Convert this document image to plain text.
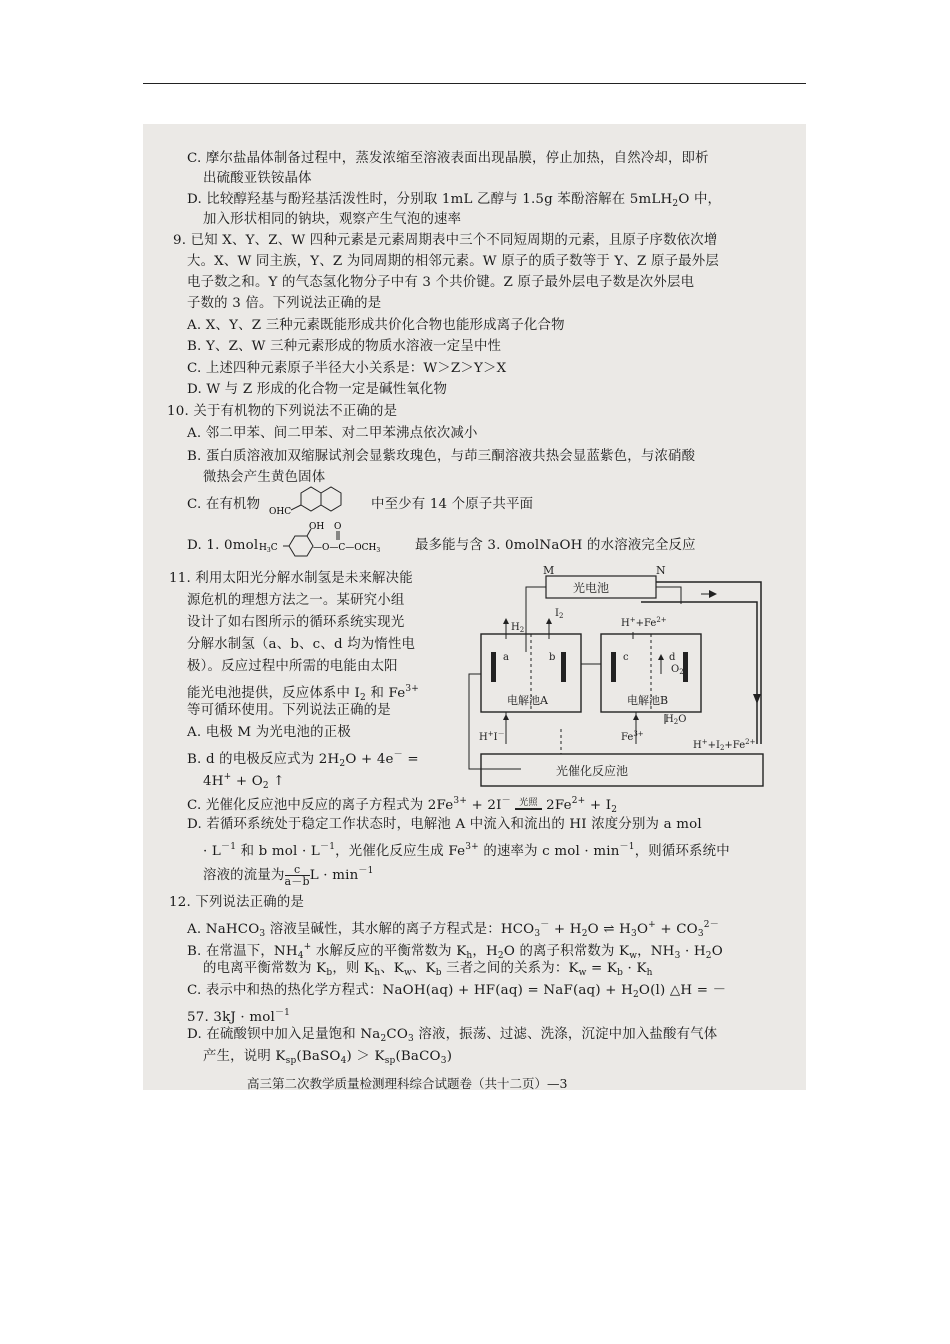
C. 摩尔盐晶体制备过程中，蒸发浓缩至溶液表面出现晶膜，停止加热，自然冷却，即析
出硫酸亚铁铵晶体
D. 比较醇羟基与酚羟基活泼性时，分别取 1mL 乙醇与 1.5g 苯酚溶解在 5mLH$_2$O 中，
加入形状相同的钠块，观察产生气泡的速率
9. 已知 X、Y、Z、W 四种元素是元素周期表中三个不同短周期的元素，且原子序数依次增
大。X、W 同主族，Y、Z 为同周期的相邻元素。W 原子的质子数等于 Y、Z 原子最外层
电子数之和。Y 的气态氢化物分子中有 3 个共价键。Z 原子最外层电子数是次外层电
子数的 3 倍。下列说法正确的是
A. X、Y、Z 三种元素既能形成共价化合物也能形成离子化合物
B. Y、Z、W 三种元素形成的物质水溶液一定呈中性
C. 上述四种元素原子半径大小关系是：W＞Z＞Y＞X
D. W 与 Z 形成的化合物一定是碱性氧化物
10. 关于有机物的下列说法不正确的是
A. 邻二甲苯、间二甲苯、对二甲苯沸点依次减小
B. 蛋白质溶液加双缩脲试剂会显紫玫瑰色，与茚三酮溶液共热会显蓝紫色，与浓硝酸
微热会产生黄色固体
C. 在有机物 OHC	中至少有 14 个原子共平面
D. 1. 0mol $H_3C$
OH O
$—O—C—OCH_3$	最多能与含 3. 0molNaOH 的水溶液完全反应
11. 利用太阳光分解水制氢是未来解决能
源危机的理想方法之一。某研究小组
设计了如右图所示的循环系统实现光
分解水制氢（a、b、c、d 均为惰性电
极）。反应过程中所需的电能由太阳
能光电池提供，反应体系中 $I_2$ 和 $Fe^{3+}$
等可循环使用。下列说法正确的是
A. 电极 M 为光电池的正极
B. d 的电极反应式为 $2H_2O + 4e^-$ =
$4H^+ + O_2$ ↑
光电池
M	N
a	b
电解池A
$H_2$
$I_2$
c	d
电解池B
$H^++Fe^{2+}$
$O_2$
$H_2O$
H+I－	$Fe^{3+}$
光催化反应池
$H^++I_2+Fe^{2+}$
C. 光催化反应池中反应的离子方程式为 $2Fe^{3+} + 2I^-$ 光照 $2Fe^{2+} + I_2$
D. 若循环系统处于稳定工作状态时，电解池 A 中流入和流出的 HI 浓度分别为 a mol
· $L^{-1}$ 和 b mol · $L^{-1}$，光催化反应生成 $Fe^{3+}$ 的速率为 c mol · $\min^{-1}$，则循环系统中
溶液的流量为 $\frac{c}{a-b}$ $L \cdot \min^{-1}$
12. 下列说法正确的是
A. NaHCO$_3$ 溶液呈碱性，其水解的离子方程式是：$HCO_3^- + H_2O$ ⇌ $H_3O^+ + CO_3^{2-}$
B. 在常温下，$NH_4^+$ 水解反应的平衡常数为 $K_h$，$H_2O$ 的离子积常数为 $K_w$，$NH_3 \cdot H_2O$
的电离平衡常数为 $K_b$，则 $K_h$、$K_w$、$K_b$ 三者之间的关系为：$K_w = K_b \cdot K_h$
C. 表示中和热的热化学方程式：NaOH(aq) + $HF(aq) = NaF(aq) + H_2O(l)$ △H = －
57. 3kJ · mol$^{-1}$
D. 在硫酸钡中加入足量饱和 $Na_2CO_3$ 溶液，振荡、过滤、洗涤，沉淀中加入盐酸有气体
产生，说明 $K_{sp}(BaSO_4)$ ＞ $K_{sp}(BaCO_3)$
高三第二次教学质量检测理科综合试题卷（共十二页）—3
